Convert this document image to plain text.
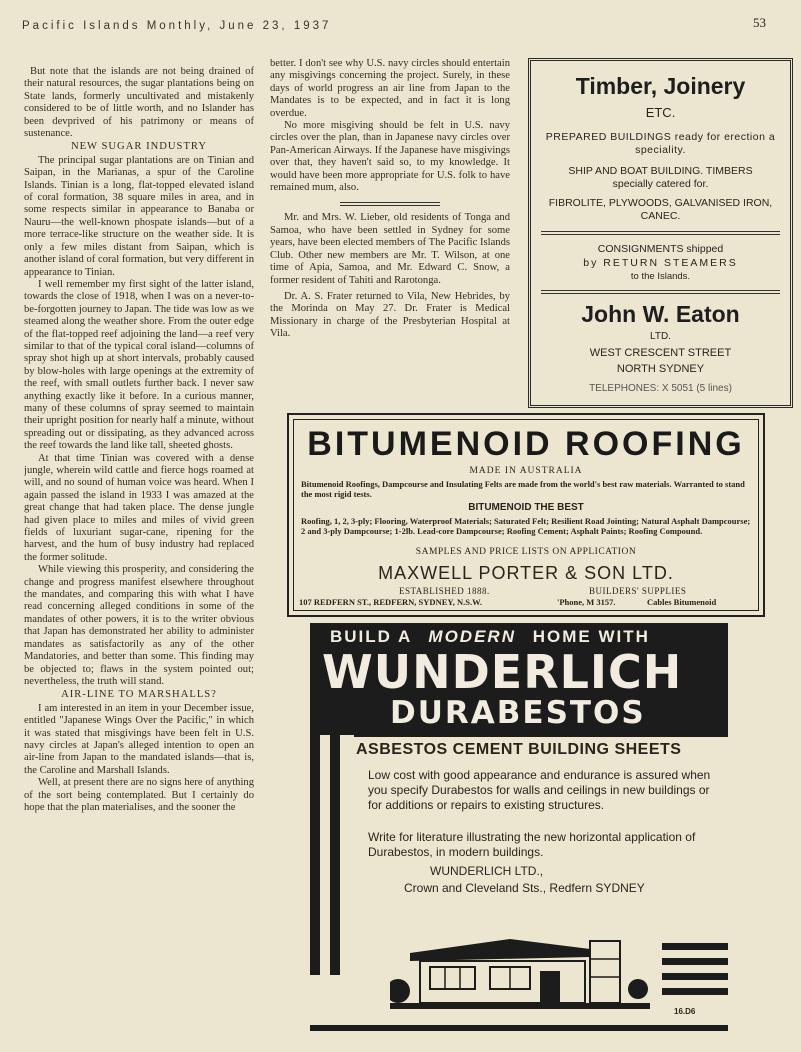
Pacific Islands Monthly, June 23, 1937	53

But note that the islands are not being drained of their natural resources, the sugar plantations being on State lands, formerly uncultivated and mistakenly considered to be of little worth, and no Islander has been devprived of his patrimony or means of sustenance.

NEW SUGAR INDUSTRY

The principal sugar plantations are on Tinian and Saipan, in the Marianas, a spur of the Caroline Islands. Tinian is a long, flat-topped elevated island of coral formation, 38 square miles in area, and in some respects similar in appearance to Banaba or Nauru—the well-known phospate islands—but of a more terrace-like structure on the weather side. It is only a few miles distant from Saipan, which is another island of coral formation, but very different in appearance to Tinian.

I well remember my first sight of the latter island, towards the close of 1918, when I was on a never-to-be-forgotten journey to Japan. The tide was low as we steamed along the weather shore. From the outer edge of the flat-topped reef adjoining the land—a reef very similar to that of the typical coral island—columns of spray shot high up at short intervals, probably caused by blow-holes with large openings at the extremity of the reef, with small outlets further back. I never saw anything exactly like it before. In a curious manner, many of these columns of spray seemed to maintain their upright position for nearly half a minute, without spreading out or dissipating, as they advanced across the reef towards the land like tall, sheeted ghosts.

At that time Tinian was covered with a dense jungle, wherein wild cattle and fierce hogs roamed at will, and no sound of human voice was heard. When I again passed the island in 1933 I was amazed at the great change that had taken place. The dense jungle had given place to miles and miles of vivid green fields of luxuriant sugar-cane, ripening for the harvest, and the hum of busy industry had replaced the former solitude.

While viewing this prosperity, and considering the change and progress manifest elsewhere throughout the mandates, and comparing this with what I have read concerning alleged conditions in some of the mandates of other powers, it is to the writer obvious that Japan has demonstrated her ability to administer mandates as satisfactorily as any of the other Mandatories, and better than some. This finding may be objected to; flaws in the system pointed out; nevertheless, the truth will stand.

AIR-LINE TO MARSHALLS?

I am interested in an item in your December issue, entitled "Japanese Wings Over the Pacific," in which it was stated that misgivings have been felt in U.S. navy circles at Japan's alleged intention to open an air-line from Japan to the mandated islands—that is, the Caroline and Marshall Islands.

Well, at present there are no signs here of anything of the sort being contemplated. But I certainly do hope that the plan materialises, and the sooner the

better. I don't see why U.S. navy circles should entertain any misgivings concerning the project. Surely, in these days of world progress an air line from Japan to the Mandates is to be expected, and in fact it is long overdue.

No more misgiving should be felt in U.S. navy circles over the plan, than in Japanese navy circles over Pan-American Airways. If the Japanese have misgivings over that, they haven't said so, to my knowledge. It would have been more appropriate for U.S. folk to have remained mum, also.

Mr. and Mrs. W. Lieber, old residents of Tonga and Samoa, who have been settled in Sydney for some years, have been elected members of The Pacific Islands Club. Other new members are Mr. T. Wilson, at one time of Apia, Samoa, and Mr. Edward C. Snow, a former resident of Tahiti and Rarotonga.

Dr. A. S. Frater returned to Vila, New Hebrides, by the Morinda on May 27. Dr. Frater is Medical Missionary in charge of the Presbyterian Hospital at Vila.

Timber, Joinery
ETC.
PREPARED BUILDINGS ready for erection a speciality.
SHIP AND BOAT BUILDING. TIMBERS specially catered for.
FIBROLITE, PLYWOODS, GALVANISED IRON, CANEC.
CONSIGNMENTS shipped
by RETURN STEAMERS
to the Islands.
John W. Eaton
LTD.
WEST CRESCENT STREET
NORTH SYDNEY
TELEPHONES: X 5051 (5 lines)
BITUMENOID ROOFING
MADE IN AUSTRALIA
Bitumenoid Roofings, Dampcourse and Insulating Felts are made from the world's best raw materials. Warranted to stand the most rigid tests.
BITUMENOID THE BEST
Roofing, 1, 2, 3-ply; Flooring, Waterproof Materials; Saturated Felt; Resilient Road Jointing; Natural Asphalt Dampcourse; 2 and 3-ply Dampcourse; 1-2lb. Lead-core Dampcourse; Roofing Cement; Asphalt Paints; Roofing Compound.
SAMPLES AND PRICE LISTS ON APPLICATION
MAXWELL PORTER & SON LTD.
ESTABLISHED 1888.	BUILDERS' SUPPLIES
107 REDFERN ST., REDFERN, SYDNEY, N.S.W.	'Phone, M 3157.	Cables Bitumenoid
BUILD A MODERN HOME WITH
WUNDERLICH
DURABESTOS
ASBESTOS CEMENT BUILDING SHEETS
Low cost with good appearance and endurance is assured when you specify Durabestos for walls and ceilings in new buildings or for additions or repairs to existing structures.
Write for literature illustrating the new horizontal application of Durabestos, in modern buildings.
WUNDERLICH LTD.,
Crown and Cleveland Sts., Redfern SYDNEY
16.D6
